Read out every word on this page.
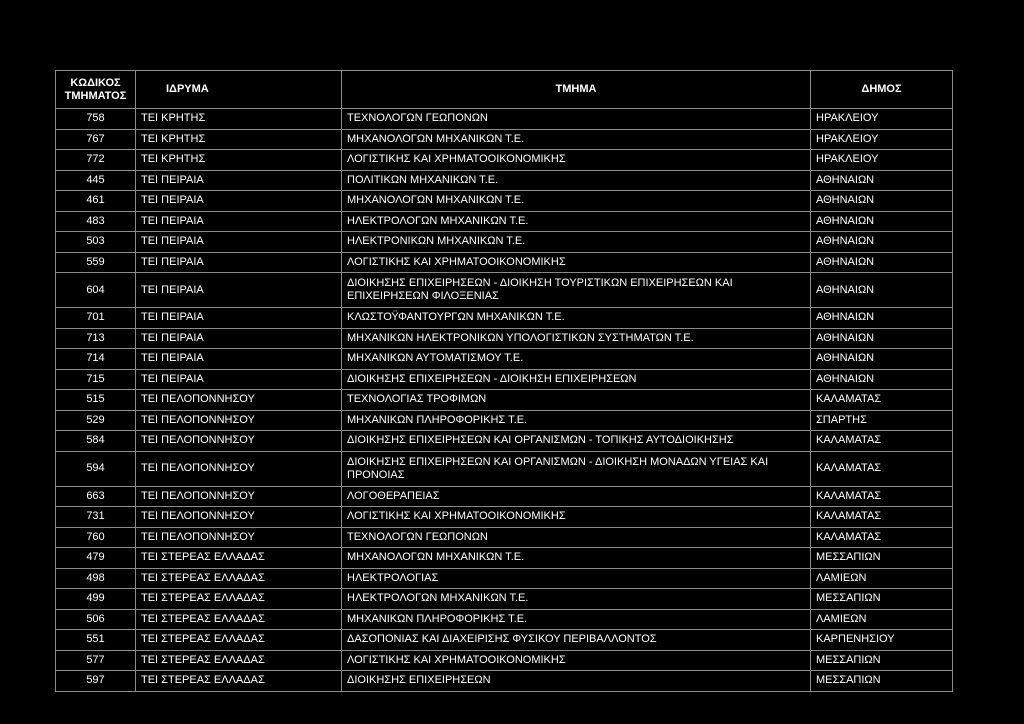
ΚΩΔΙΚΟΣ ΤΜΗΜΑΤΟΣ	ΙΔΡΥΜΑ	ΤΜΗΜΑ	ΔΗΜΟΣ
758	ΤΕΙ ΚΡΗΤΗΣ	ΤΕΧΝΟΛΟΓΩΝ ΓΕΩΠΟΝΩΝ	ΗΡΑΚΛΕΙΟΥ
767	ΤΕΙ ΚΡΗΤΗΣ	ΜΗΧΑΝΟΛΟΓΩΝ ΜΗΧΑΝΙΚΩΝ Τ.Ε.	ΗΡΑΚΛΕΙΟΥ
772	ΤΕΙ ΚΡΗΤΗΣ	ΛΟΓΙΣΤΙΚΗΣ ΚΑΙ ΧΡΗΜΑΤΟΟΙΚΟΝΟΜΙΚΗΣ	ΗΡΑΚΛΕΙΟΥ
445	ΤΕΙ ΠΕΙΡΑΙΑ	ΠΟΛΙΤΙΚΩΝ ΜΗΧΑΝΙΚΩΝ Τ.Ε.	ΑΘΗΝΑΙΩΝ
461	ΤΕΙ ΠΕΙΡΑΙΑ	ΜΗΧΑΝΟΛΟΓΩΝ ΜΗΧΑΝΙΚΩΝ Τ.Ε.	ΑΘΗΝΑΙΩΝ
483	ΤΕΙ ΠΕΙΡΑΙΑ	ΗΛΕΚΤΡΟΛΟΓΩΝ ΜΗΧΑΝΙΚΩΝ Τ.Ε.	ΑΘΗΝΑΙΩΝ
503	ΤΕΙ ΠΕΙΡΑΙΑ	ΗΛΕΚΤΡΟΝΙΚΩΝ ΜΗΧΑΝΙΚΩΝ Τ.Ε.	ΑΘΗΝΑΙΩΝ
559	ΤΕΙ ΠΕΙΡΑΙΑ	ΛΟΓΙΣΤΙΚΗΣ ΚΑΙ ΧΡΗΜΑΤΟΟΙΚΟΝΟΜΙΚΗΣ	ΑΘΗΝΑΙΩΝ
604	ΤΕΙ ΠΕΙΡΑΙΑ	ΔΙΟΙΚΗΣΗΣ ΕΠΙΧΕΙΡΗΣΕΩΝ - ΔΙΟΙΚΗΣΗ ΤΟΥΡΙΣΤΙΚΩΝ ΕΠΙΧΕΙΡΗΣΕΩΝ ΚΑΙ ΕΠΙΧΕΙΡΗΣΕΩΝ ΦΙΛΟΞΕΝΙΑΣ	ΑΘΗΝΑΙΩΝ
701	ΤΕΙ ΠΕΙΡΑΙΑ	ΚΛΩΣΤΟΫΦΑΝΤΟΥΡΓΩΝ ΜΗΧΑΝΙΚΩΝ Τ.Ε.	ΑΘΗΝΑΙΩΝ
713	ΤΕΙ ΠΕΙΡΑΙΑ	ΜΗΧΑΝΙΚΩΝ ΗΛΕΚΤΡΟΝΙΚΩΝ ΥΠΟΛΟΓΙΣΤΙΚΩΝ ΣΥΣΤΗΜΑΤΩΝ Τ.Ε.	ΑΘΗΝΑΙΩΝ
714	ΤΕΙ ΠΕΙΡΑΙΑ	ΜΗΧΑΝΙΚΩΝ ΑΥΤΟΜΑΤΙΣΜΟΥ Τ.Ε.	ΑΘΗΝΑΙΩΝ
715	ΤΕΙ ΠΕΙΡΑΙΑ	ΔΙΟΙΚΗΣΗΣ ΕΠΙΧΕΙΡΗΣΕΩΝ - ΔΙΟΙΚΗΣΗ ΕΠΙΧΕΙΡΗΣΕΩΝ	ΑΘΗΝΑΙΩΝ
515	ΤΕΙ ΠΕΛΟΠΟΝΝΗΣΟΥ	ΤΕΧΝΟΛΟΓΙΑΣ ΤΡΟΦΙΜΩΝ	ΚΑΛΑΜΑΤΑΣ
529	ΤΕΙ ΠΕΛΟΠΟΝΝΗΣΟΥ	ΜΗΧΑΝΙΚΩΝ ΠΛΗΡΟΦΟΡΙΚΗΣ Τ.Ε.	ΣΠΑΡΤΗΣ
584	ΤΕΙ ΠΕΛΟΠΟΝΝΗΣΟΥ	ΔΙΟΙΚΗΣΗΣ ΕΠΙΧΕΙΡΗΣΕΩΝ ΚΑΙ ΟΡΓΑΝΙΣΜΩΝ - ΤΟΠΙΚΗΣ ΑΥΤΟΔΙΟΙΚΗΣΗΣ	ΚΑΛΑΜΑΤΑΣ
594	ΤΕΙ ΠΕΛΟΠΟΝΝΗΣΟΥ	ΔΙΟΙΚΗΣΗΣ ΕΠΙΧΕΙΡΗΣΕΩΝ ΚΑΙ ΟΡΓΑΝΙΣΜΩΝ - ΔΙΟΙΚΗΣΗ ΜΟΝΑΔΩΝ ΥΓΕΙΑΣ ΚΑΙ ΠΡΟΝΟΙΑΣ	ΚΑΛΑΜΑΤΑΣ
663	ΤΕΙ ΠΕΛΟΠΟΝΝΗΣΟΥ	ΛΟΓΟΘΕΡΑΠΕΙΑΣ	ΚΑΛΑΜΑΤΑΣ
731	ΤΕΙ ΠΕΛΟΠΟΝΝΗΣΟΥ	ΛΟΓΙΣΤΙΚΗΣ ΚΑΙ ΧΡΗΜΑΤΟΟΙΚΟΝΟΜΙΚΗΣ	ΚΑΛΑΜΑΤΑΣ
760	ΤΕΙ ΠΕΛΟΠΟΝΝΗΣΟΥ	ΤΕΧΝΟΛΟΓΩΝ ΓΕΩΠΟΝΩΝ	ΚΑΛΑΜΑΤΑΣ
479	ΤΕΙ ΣΤΕΡΕΑΣ ΕΛΛΑΔΑΣ	ΜΗΧΑΝΟΛΟΓΩΝ ΜΗΧΑΝΙΚΩΝ Τ.Ε.	ΜΕΣΣΑΠΙΩΝ
498	ΤΕΙ ΣΤΕΡΕΑΣ ΕΛΛΑΔΑΣ	ΗΛΕΚΤΡΟΛΟΓΙΑΣ	ΛΑΜΙΕΩΝ
499	ΤΕΙ ΣΤΕΡΕΑΣ ΕΛΛΑΔΑΣ	ΗΛΕΚΤΡΟΛΟΓΩΝ ΜΗΧΑΝΙΚΩΝ Τ.Ε.	ΜΕΣΣΑΠΙΩΝ
506	ΤΕΙ ΣΤΕΡΕΑΣ ΕΛΛΑΔΑΣ	ΜΗΧΑΝΙΚΩΝ ΠΛΗΡΟΦΟΡΙΚΗΣ Τ.Ε.	ΛΑΜΙΕΩΝ
551	ΤΕΙ ΣΤΕΡΕΑΣ ΕΛΛΑΔΑΣ	ΔΑΣΟΠΟΝΙΑΣ ΚΑΙ ΔΙΑΧΕΙΡΙΣΗΣ ΦΥΣΙΚΟΥ ΠΕΡΙΒΑΛΛΟΝΤΟΣ	ΚΑΡΠΕΝΗΣΙΟΥ
577	ΤΕΙ ΣΤΕΡΕΑΣ ΕΛΛΑΔΑΣ	ΛΟΓΙΣΤΙΚΗΣ ΚΑΙ ΧΡΗΜΑΤΟΟΙΚΟΝΟΜΙΚΗΣ	ΜΕΣΣΑΠΙΩΝ
597	ΤΕΙ ΣΤΕΡΕΑΣ ΕΛΛΑΔΑΣ	ΔΙΟΙΚΗΣΗΣ ΕΠΙΧΕΙΡΗΣΕΩΝ	ΜΕΣΣΑΠΙΩΝ
